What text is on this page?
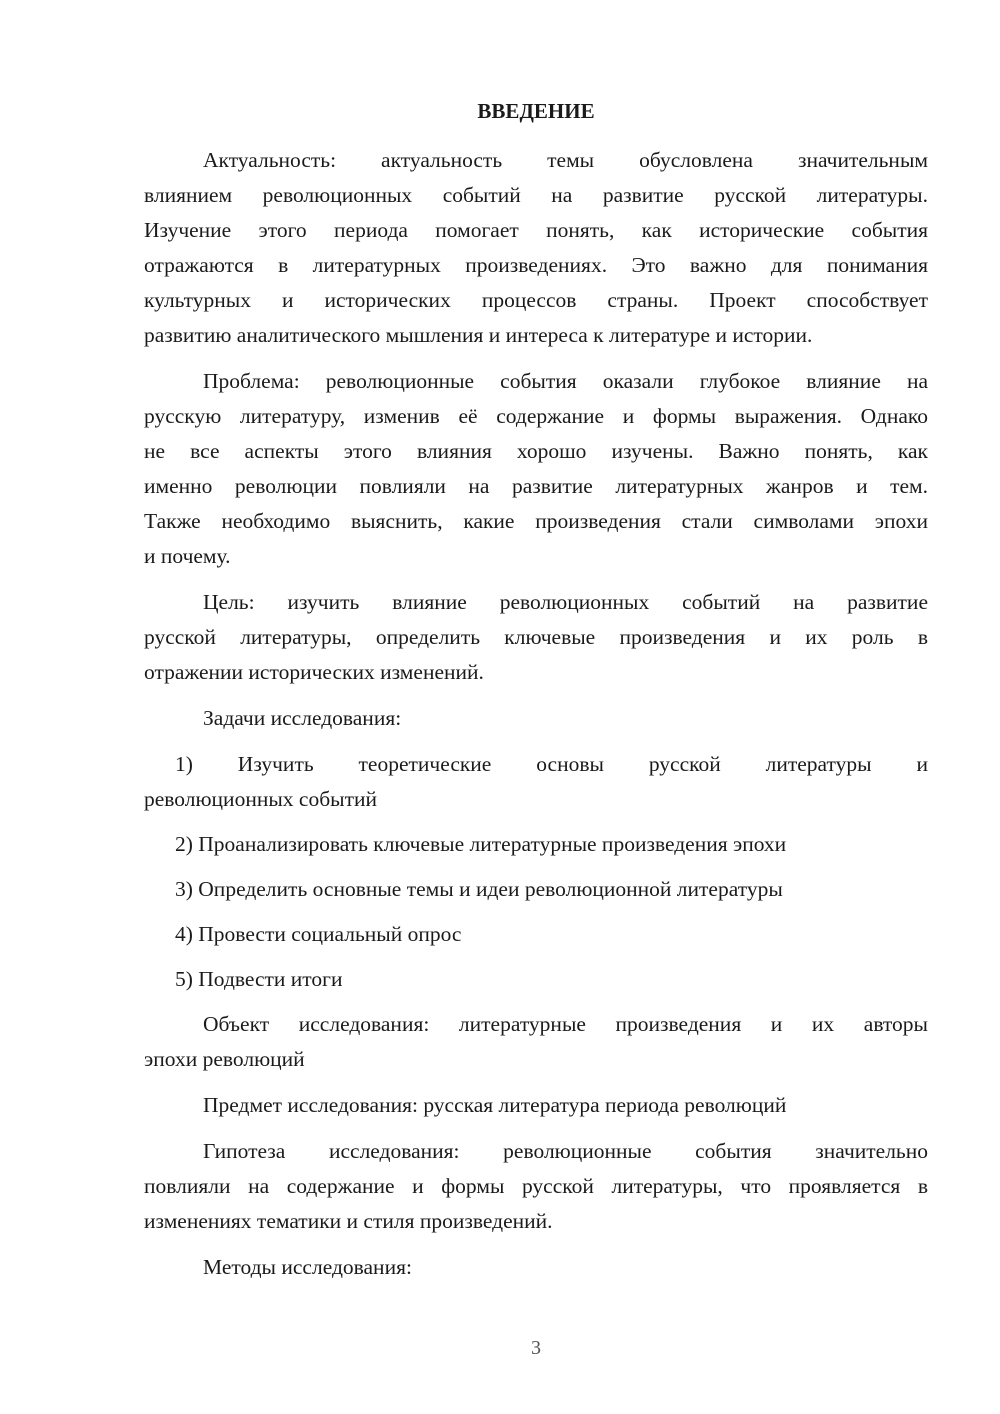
ВВЕДЕНИЕ
Актуальность: актуальность темы обусловлена значительным
влиянием революционных событий на развитие русской литературы.
Изучение этого периода помогает понять, как исторические события
отражаются в литературных произведениях. Это важно для понимания
культурных и исторических процессов страны. Проект способствует
развитию аналитического мышления и интереса к литературе и истории.
Проблема: революционные события оказали глубокое влияние на
русскую литературу, изменив её содержание и формы выражения. Однако
не все аспекты этого влияния хорошо изучены. Важно понять, как
именно революции повлияли на развитие литературных жанров и тем.
Также необходимо выяснить, какие произведения стали символами эпохи
и почему.
Цель: изучить влияние революционных событий на развитие
русской литературы, определить ключевые произведения и их роль в
отражении исторических изменений.
Задачи исследования:
1) Изучить теоретические основы русской литературы и
революционных событий
2) Проанализировать ключевые литературные произведения эпохи
3) Определить основные темы и идеи революционной литературы
4) Провести социальный опрос
5) Подвести итоги
Объект исследования: литературные произведения и их авторы
эпохи революций
Предмет исследования: русская литература периода революций
Гипотеза исследования: революционные события значительно
повлияли на содержание и формы русской литературы, что проявляется в
изменениях тематики и стиля произведений.
Методы исследования:
3
